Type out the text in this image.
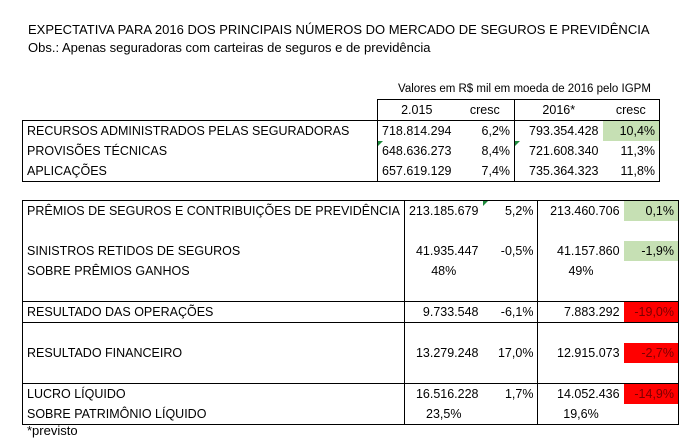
EXPECTATIVA PARA 2016 DOS PRINCIPAIS NÚMEROS DO MERCADO DE SEGUROS E PREVIDÊNCIA
Obs.: Apenas seguradoras com carteiras de seguros e de previdência
Valores em R$ mil em moeda de 2016 pelo IGPM
	2.015	cresc	2016*	cresc
RECURSOS ADMINISTRADOS PELAS SEGURADORAS	718.814.294	6,2%	793.354.428	10,4%
PROVISÕES TÉCNICAS	648.636.273	8,4%	721.608.340	11,3%
APLICAÇÕES	657.619.129	7,4%	735.364.323	11,8%
PRÊMIOS DE SEGUROS E CONTRIBUIÇÕES DE PREVIDÊNCIA	213.185.679	5,2%	213.460.706	0,1%

SINISTROS RETIDOS DE SEGUROS	41.935.447	-0,5%	41.157.860	-1,9%
SOBRE PRÊMIOS GANHOS	48%		49%	

RESULTADO DAS OPERAÇÕES	9.733.548	-6,1%	7.883.292	-19,0%

RESULTADO FINANCEIRO	13.279.248	17,0%	12.915.073	-2,7%

LUCRO LÍQUIDO	16.516.228	1,7%	14.052.436	-14,9%
SOBRE PATRIMÔNIO LÍQUIDO	23,5%		19,6%	
*previsto
